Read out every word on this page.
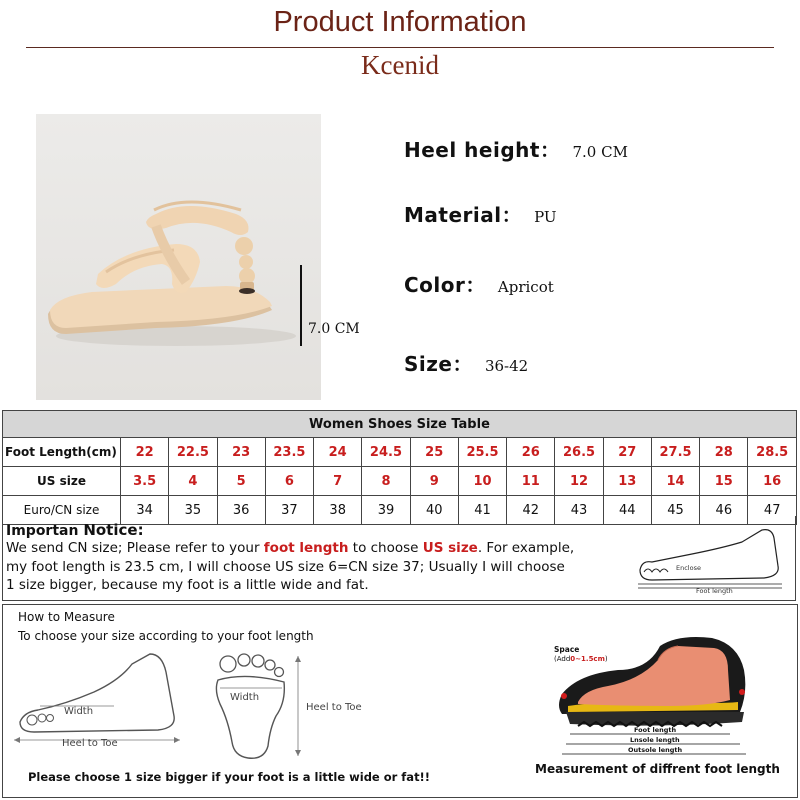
Product Information
Kcenid
7.0 CM
Heel height： 7.0 CM
Material： PU
Color： Apricot
Size： 36-42
Women Shoes Size Table														
Foot Length(cm)	22	22.5	23	23.5	24	24.5	25	25.5	26	26.5	27	27.5	28	28.5
US size	3.5	4	5	6	7	8	9	10	11	12	13	14	15	16
Euro/CN size	34	35	36	37	38	39	40	41	42	43	44	45	46	47
Importan Notice:
We send CN size; Please refer to your foot length to choose US size. For example,
my foot length is 23.5 cm, I will choose US size 6=CN size 37; Usually I will choose
1 size bigger, because my foot is a little wide and fat.
Enclose
Foot length
How to Measure
To choose your size according to your foot length
Width
Heel to Toe
Width
Heel to Toe
Space
(Add0~1.5cm)
Foot length
Lnsole length
Outsole length
Measurement of diffrent foot length
Please choose 1 size bigger if your foot is a little wide or fat!!
